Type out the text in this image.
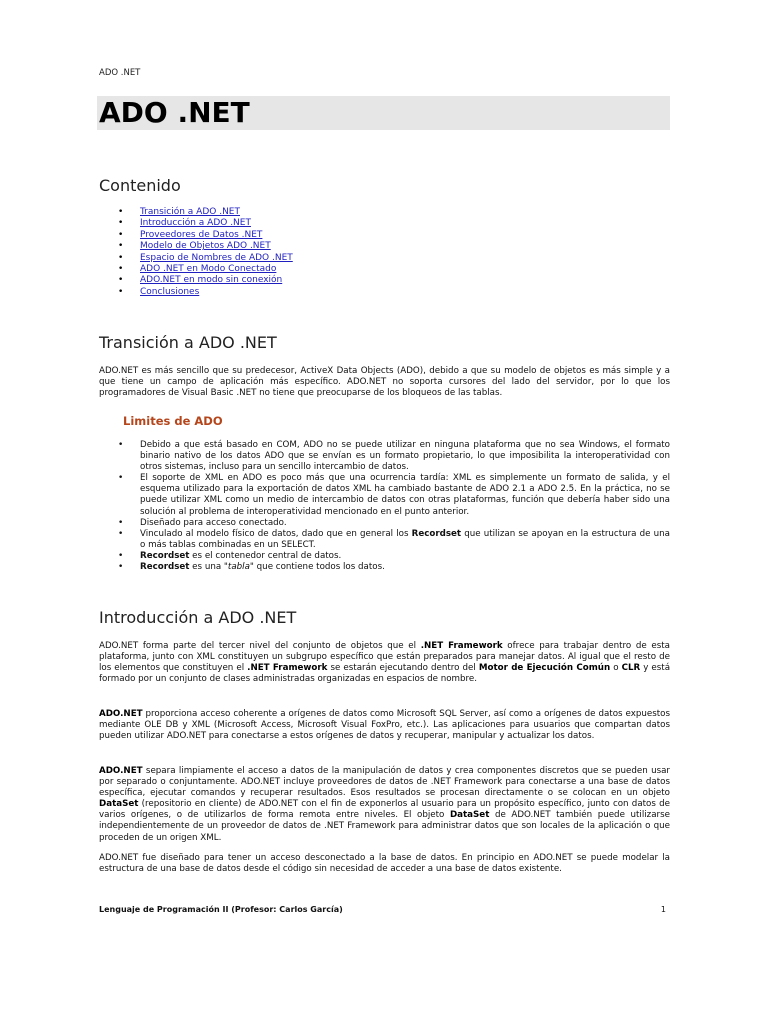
ADO .NET
ADO .NET
Contenido
• Transición a ADO .NET
• Introducción a ADO .NET
• Proveedores de Datos .NET
• Modelo de Objetos ADO .NET
• Espacio de Nombres de ADO .NET
• ADO .NET en Modo Conectado
• ADO.NET en modo sin conexión
• Conclusiones
Transición a ADO .NET

ADO.NET es más sencillo que su predecesor, ActiveX Data Objects (ADO), debido a que su modelo de objetos es más simple y a que tiene un campo de aplicación más específico. ADO.NET no soporta cursores del lado del servidor, por lo que los programadores de Visual Basic .NET no tiene que preocuparse de los bloqueos de las tablas.

Limites de ADO
• Debido a que está basado en COM, ADO no se puede utilizar en ninguna plataforma que no sea Windows, el formato binario nativo de los datos ADO que se envían es un formato propietario, lo que imposibilita la interoperatividad con otros sistemas, incluso para un sencillo intercambio de datos.
• El soporte de XML en ADO es poco más que una ocurrencia tardía: XML es simplemente un formato de salida, y el esquema utilizado para la exportación de datos XML ha cambiado bastante de ADO 2.1 a ADO 2.5. En la práctica, no se puede utilizar XML como un medio de intercambio de datos con otras plataformas, función que debería haber sido una solución al problema de interoperatividad mencionado en el punto anterior.
• Diseñado para acceso conectado.
• Vinculado al modelo físico de datos, dado que en general los Recordset que utilizan se apoyan en la estructura de una o más tablas combinadas en un SELECT.
• Recordset es el contenedor central de datos.
• Recordset es una "tabla" que contiene todos los datos.
Introducción a ADO .NET

ADO.NET forma parte del tercer nivel del conjunto de objetos que el .NET Framework ofrece para trabajar dentro de esta plataforma, junto con XML constituyen un subgrupo específico que están preparados para manejar datos. Al igual que el resto de los elementos que constituyen el .NET Framework se estarán ejecutando dentro del Motor de Ejecución Común o CLR y está formado por un conjunto de clases administradas organizadas en espacios de nombre.

ADO.NET proporciona acceso coherente a orígenes de datos como Microsoft SQL Server, así como a orígenes de datos expuestos mediante OLE DB y XML (Microsoft Access, Microsoft Visual FoxPro, etc.). Las aplicaciones para usuarios que compartan datos pueden utilizar ADO.NET para conectarse a estos orígenes de datos y recuperar, manipular y actualizar los datos.

ADO.NET separa limpiamente el acceso a datos de la manipulación de datos y crea componentes discretos que se pueden usar por separado o conjuntamente. ADO.NET incluye proveedores de datos de .NET Framework para conectarse a una base de datos específica, ejecutar comandos y recuperar resultados. Esos resultados se procesan directamente o se colocan en un objeto DataSet (repositorio en cliente) de ADO.NET con el fin de exponerlos al usuario para un propósito específico, junto con datos de varios orígenes, o de utilizarlos de forma remota entre niveles. El objeto DataSet de ADO.NET también puede utilizarse independientemente de un proveedor de datos de .NET Framework para administrar datos que son locales de la aplicación o que proceden de un origen XML.

ADO.NET fue diseñado para tener un acceso desconectado a la base de datos. En principio en ADO.NET se puede modelar la estructura de una base de datos desde el código sin necesidad de acceder a una base de datos existente.

Lenguaje de Programación II (Profesor: Carlos García)	1
